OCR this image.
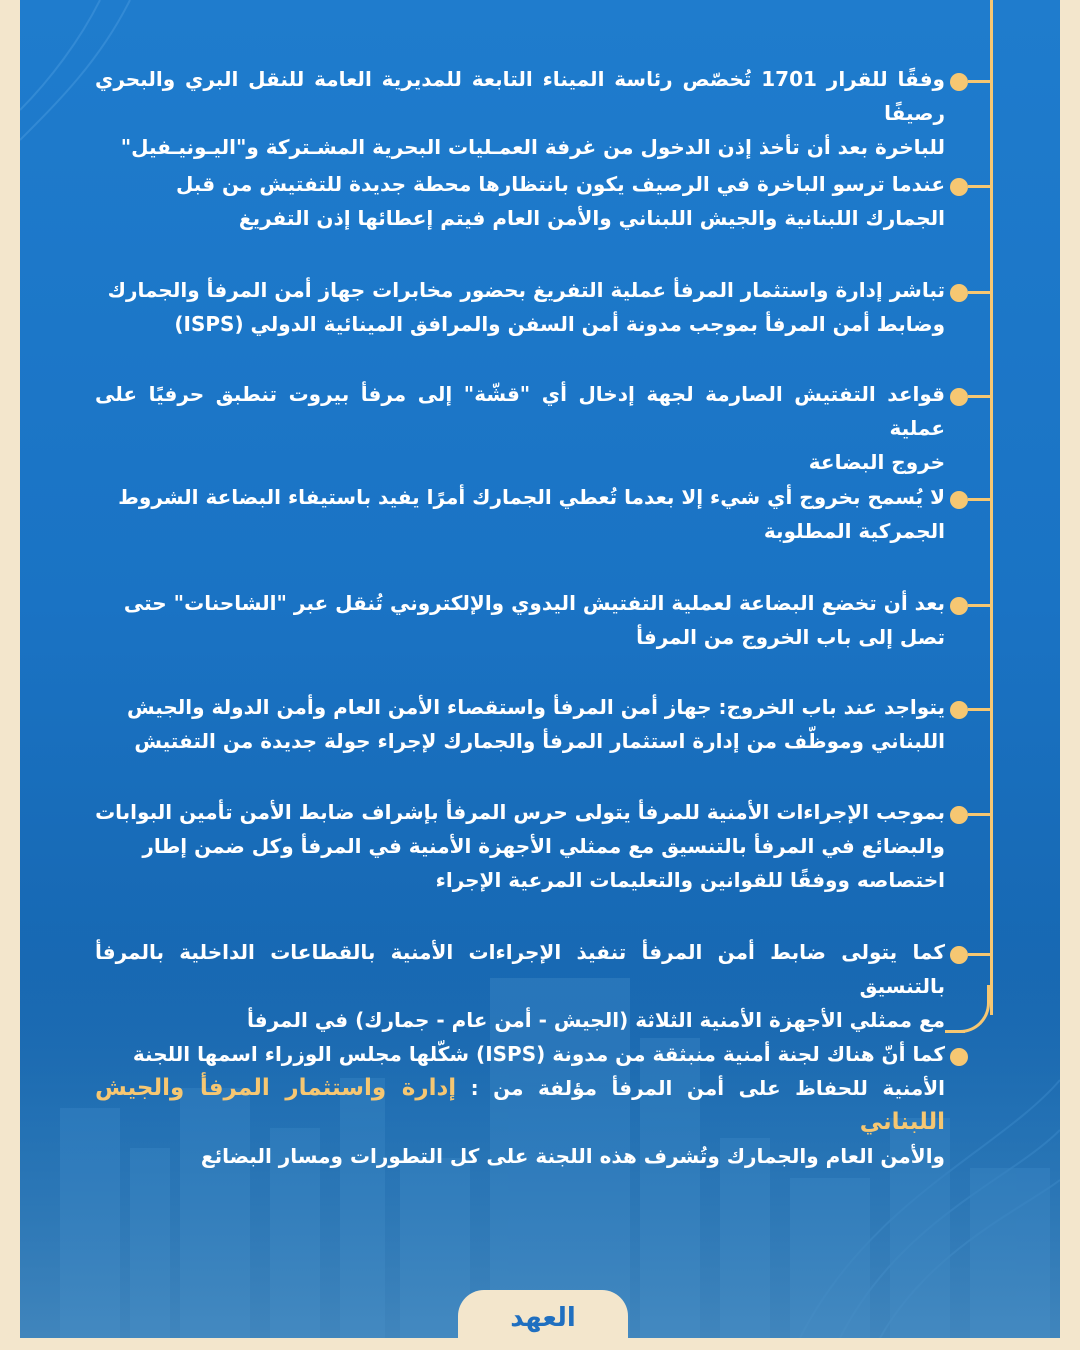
وفقًا للقرار 1701 تُخصّص رئاسة الميناء التابعة للمديرية العامة للنقل البري والبحري رصيفًا

للباخرة بعد أن تأخذ إذن الدخول من غرفة العمـليات البحرية المشـتركة و"اليـونيـفيل"

عندما ترسو الباخرة في الرصيف يكون بانتظارها محطة جديدة للتفتيش من قبل

الجمارك اللبنانية والجيش اللبناني والأمن العام فيتم إعطائها إذن التفريغ

تباشر إدارة واستثمار المرفأ عملية التفريغ بحضور مخابرات جهاز أمن المرفأ والجمارك

وضابط أمن المرفأ بموجب مدونة أمن السفن والمرافق المينائية الدولي (ISPS)

قواعد التفتيش الصارمة لجهة إدخال أي "قشّة" إلى مرفأ بيروت تنطبق حرفيًا على عملية

خروج البضاعة

لا يُسمح بخروج أي شيء إلا بعدما تُعطي الجمارك أمرًا يفيد باستيفاء البضاعة الشروط

الجمركية المطلوبة

بعد أن تخضع البضاعة لعملية التفتيش اليدوي والإلكتروني تُنقل عبر "الشاحنات" حتى

تصل إلى باب الخروج من المرفأ

يتواجد عند باب الخروج: جهاز أمن المرفأ واستقصاء الأمن العام وأمن الدولة والجيش

اللبناني وموظّف من إدارة استثمار المرفأ والجمارك لإجراء جولة جديدة من التفتيش

بموجب الإجراءات الأمنية للمرفأ يتولى حرس المرفأ بإشراف ضابط الأمن تأمين البوابات

والبضائع في المرفأ بالتنسيق مع ممثلي الأجهزة الأمنية في المرفأ وكل ضمن إطار

اختصاصه ووفقًا للقوانين والتعليمات المرعية الإجراء

كما يتولى ضابط أمن المرفأ تنفيذ الإجراءات الأمنية بالقطاعات الداخلية بالمرفأ بالتنسيق

مع ممثلي الأجهزة الأمنية الثلاثة (الجيش - أمن عام - جمارك) في المرفأ

كما أنّ هناك لجنة أمنية منبثقة من مدونة (ISPS) شكّلها مجلس الوزراء اسمها اللجنة

الأمنية للحفاظ على أمن المرفأ مؤلفة من : إدارة واستثمار المرفأ والجيش اللبناني

والأمن العام والجمارك وتُشرف هذه اللجنة على كل التطورات ومسار البضائع

العهد
